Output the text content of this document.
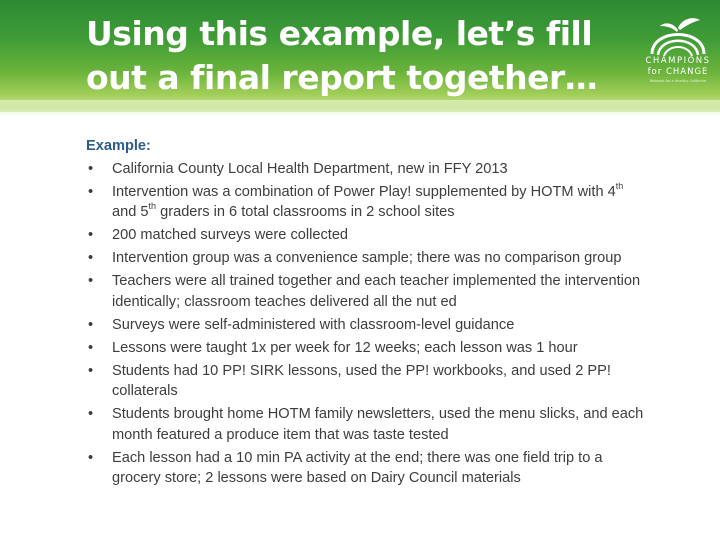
Using this example, let’s fill out a final report together…	CHAMPIONS
for CHANGE
Network for a Healthy California
Example:
• California County Local Health Department, new in FFY 2013
• Intervention was a combination of Power Play! supplemented by HOTM with 4th and 5th graders in 6 total classrooms in 2 school sites
• 200 matched surveys were collected
• Intervention group was a convenience sample; there was no comparison group
• Teachers were all trained together and each teacher implemented the intervention identically; classroom teaches delivered all the nut ed
• Surveys were self-administered with classroom-level guidance
• Lessons were taught 1x per week for 12 weeks; each lesson was 1 hour
• Students had 10 PP! SIRK lessons, used the PP! workbooks, and used 2 PP! collaterals
• Students brought home HOTM family newsletters, used the menu slicks, and each month featured a produce item that was taste tested
• Each lesson had a 10 min PA activity at the end; there was one field trip to a grocery store; 2 lessons were based on Dairy Council materials
